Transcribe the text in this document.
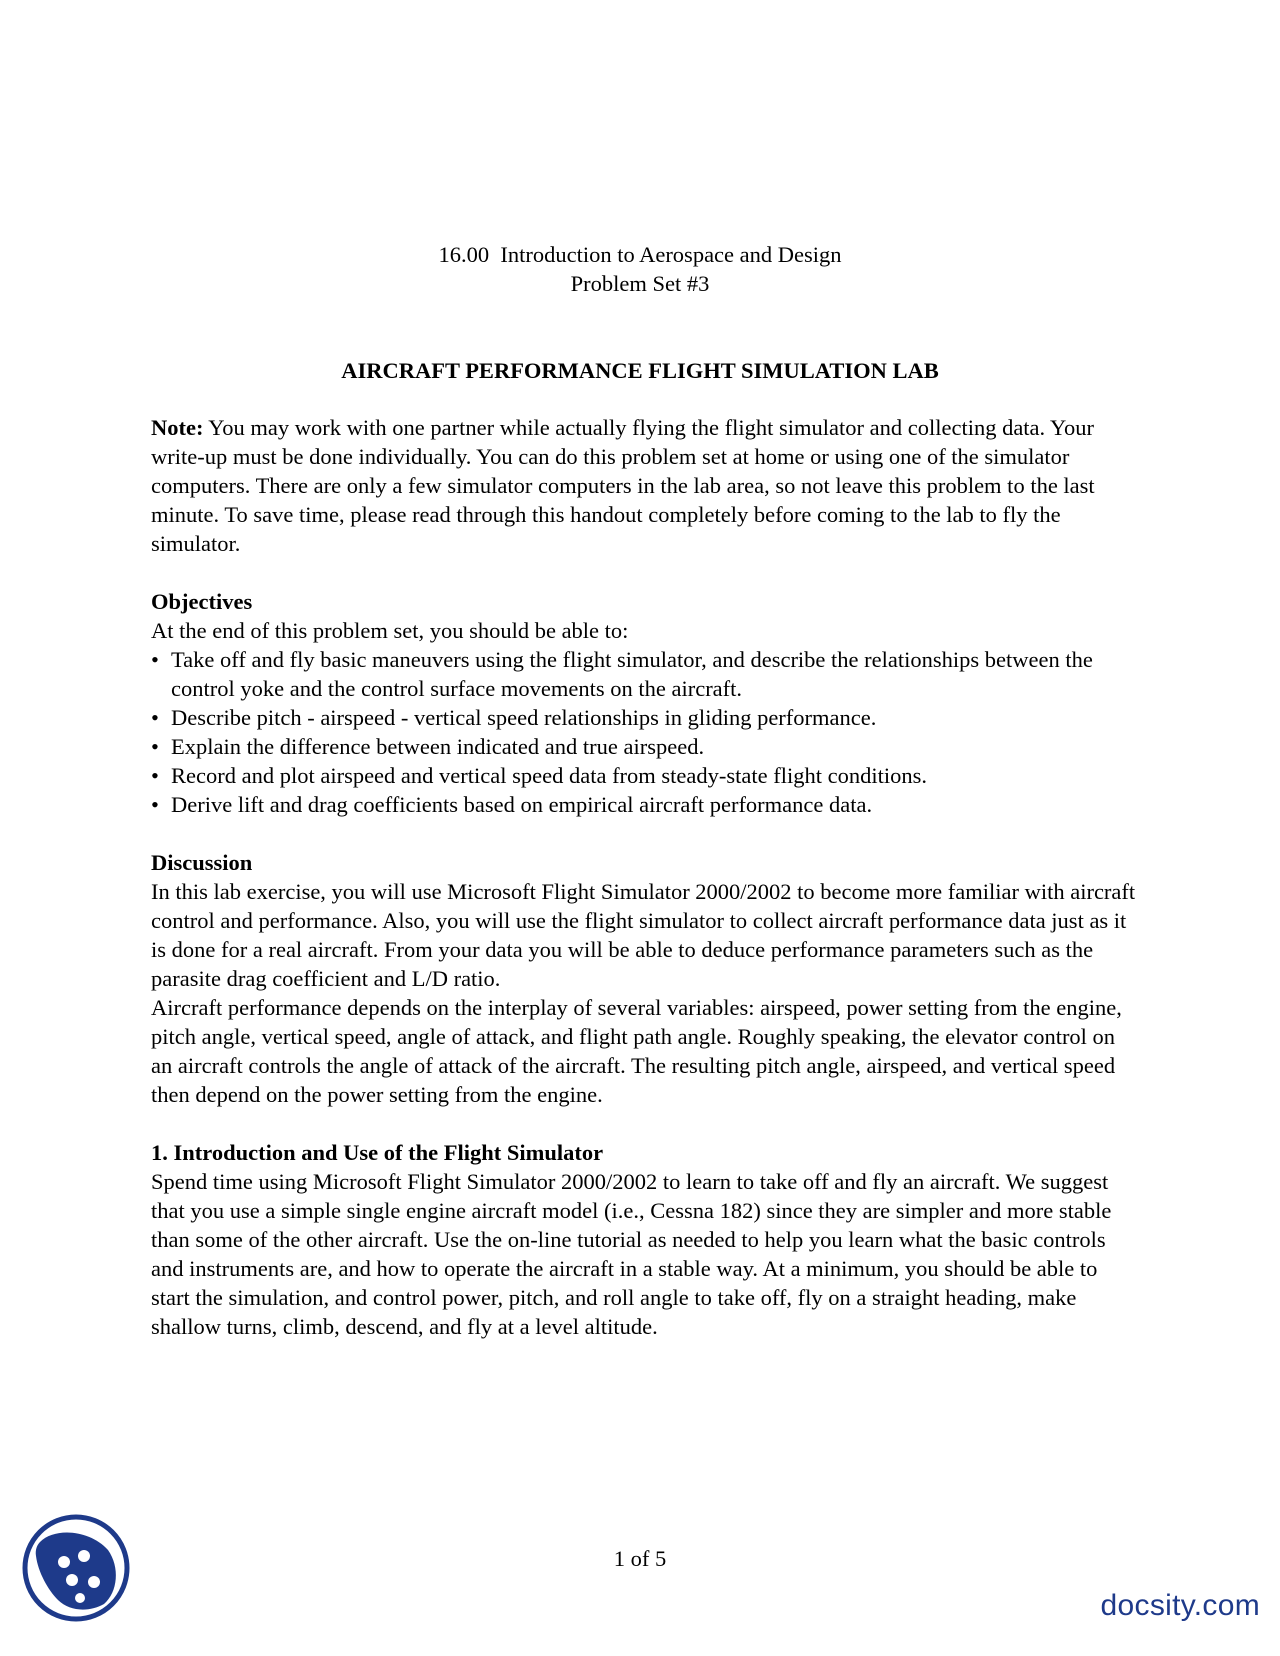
16.00  Introduction to Aerospace and Design
Problem Set #3
AIRCRAFT PERFORMANCE FLIGHT SIMULATION LAB

Note: You may work with one partner while actually flying the flight simulator and collecting data. Your write-up must be done individually. You can do this problem set at home or using one of the simulator computers. There are only a few simulator computers in the lab area, so not leave this problem to the last minute. To save time, please read through this handout completely before coming to the lab to fly the simulator.

Objectives
At the end of this problem set, you should be able to:
• Take off and fly basic maneuvers using the flight simulator, and describe the relationships between the control yoke and the control surface movements on the aircraft.
• Describe pitch - airspeed - vertical speed relationships in gliding performance.
• Explain the difference between indicated and true airspeed.
• Record and plot airspeed and vertical speed data from steady-state flight conditions.
• Derive lift and drag coefficients based on empirical aircraft performance data.
Discussion

In this lab exercise, you will use Microsoft Flight Simulator 2000/2002 to become more familiar with aircraft control and performance. Also, you will use the flight simulator to collect aircraft performance data just as it is done for a real aircraft. From your data you will be able to deduce performance parameters such as the parasite drag coefficient and L/D ratio.

Aircraft performance depends on the interplay of several variables: airspeed, power setting from the engine, pitch angle, vertical speed, angle of attack, and flight path angle. Roughly speaking, the elevator control on an aircraft controls the angle of attack of the aircraft. The resulting pitch angle, airspeed, and vertical speed then depend on the power setting from the engine.

1. Introduction and Use of the Flight Simulator

Spend time using Microsoft Flight Simulator 2000/2002 to learn to take off and fly an aircraft. We suggest that you use a simple single engine aircraft model (i.e., Cessna 182) since they are simpler and more stable than some of the other aircraft. Use the on-line tutorial as needed to help you learn what the basic controls and instruments are, and how to operate the aircraft in a stable way. At a minimum, you should be able to start the simulation, and control power, pitch, and roll angle to take off, fly on a straight heading, make shallow turns, climb, descend, and fly at a level altitude.

1 of 5
docsity.com
